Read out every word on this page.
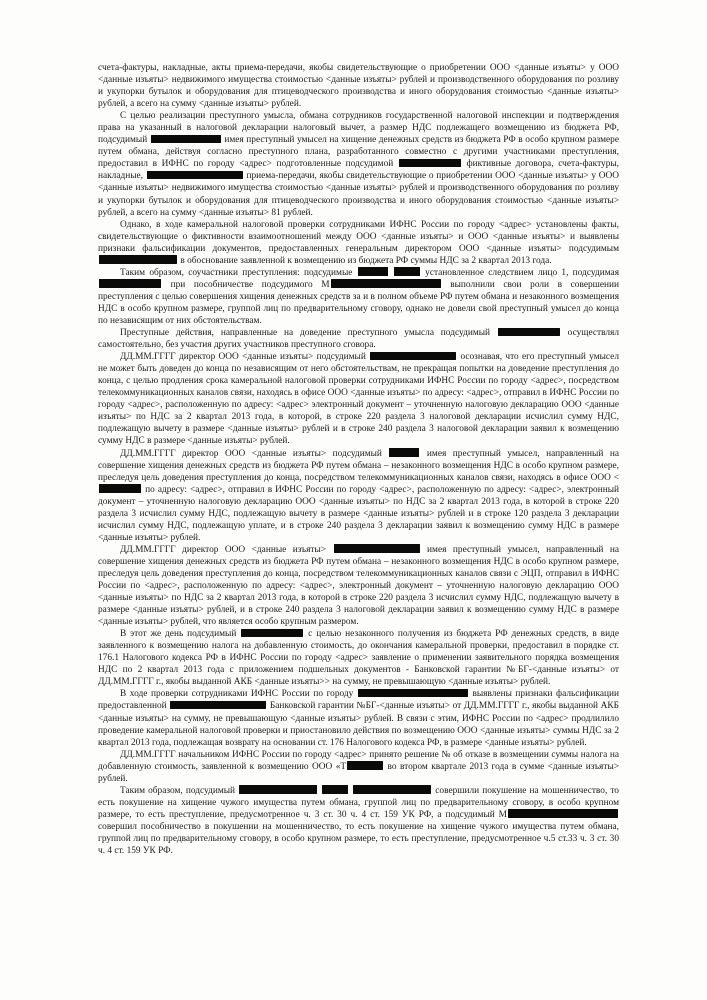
счета-фактуры, накладные, акты приема-передачи, якобы свидетельствующие о приобретении ООО <данные изъяты> у ООО <данные изъяты> недвижимого имущества стоимостью <данные изъяты> рублей и производственного оборудования по розливу и укупорки бутылок и оборудования для птицеводческого производства и иного оборудования стоимостью <данные изъяты> рублей, а всего на сумму <данные изъяты> рублей.

С целью реализации преступного умысла, обмана сотрудников государственной налоговой инспекции и подтверждения права на указанный в налоговой декларации налоговый вычет, а размер НДС подлежащего возмещению из бюджета РФ, подсудимый	имея преступный умысел на хищение денежных средств из бюджета РФ в особо крупном размере путем обмана, действуя согласно преступного плана, разработанного совместно с другими участниками преступления, предоставил в ИФНС по городу <адрес> подготовленные подсудимой	фиктивные договора, счета-фактуры, накладные,	приема-передачи, якобы свидетельствующие о приобретении ООО <данные изъяты> у ООО <данные изъяты> недвижимого имущества стоимостью <данные изъяты> рублей и производственного оборудования по розливу и укупорки бутылок и оборудования для птицеводческого производства и иного оборудования стоимостью <данные изъяты> рублей, а всего на сумму <данные изъяты> 81 рублей.

Однако, в ходе камеральной налоговой проверки сотрудниками ИФНС России по городу <адрес> установлены факты, свидетельствующие о фиктивности взаимоотношений между ООО <данные изъяты> и ООО <данные изъяты> и выявлены признаки фальсификации документов, предоставленных генеральным директором ООО <данные изъяты> подсудимым  в обоснование заявленной к возмещению из бюджета РФ суммы НДС за 2 квартал 2013 года.

Таким образом, соучастники преступления: подсудимые	установленное следствием лицо 1, подсудимая  при пособничестве подсудимого М	выполнили свои роли в совершении преступления с целью совершения хищения денежных средств за и в полном объеме РФ путем обмана и незаконного возмещения НДС в особо крупном размере, группой лиц по предварительному сговору, однако не довели свой преступный умысел до конца по независящим от них обстоятельствам.

Преступные действия, направленные на доведение преступного умысла подсудимый	осуществлял самостоятельно, без участия других участников преступного сговора.

ДД.ММ.ГГГГ директор ООО <данные изъяты> подсудимый	осознавая, что его преступный умысел не может быть доведен до конца по независящим от него обстоятельствам, не прекращая попытки на доведение преступления до конца, с целью продления срока камеральной налоговой проверки сотрудниками ИФНС России по городу <адрес>, посредством телекоммуникационных каналов связи, находясь в офисе ООО <данные изъяты> по адресу: <адрес>, отправил в ИФНС России по городу <адрес>, расположенную по адресу: <адрес> электронный документ – уточненную налоговую декларацию ООО <данные изъяты> по НДС за 2 квартал 2013 года, в которой, в строке 220 раздела 3 налоговой декларации исчислил сумму НДС, подлежащую вычету в размере <данные изъяты> рублей и в строке 240 раздела 3 налоговой декларации заявил к возмещению сумму НДС в размере <данные изъяты> рублей.

ДД.ММ.ГГГГ директор ООО <данные изъяты> подсудимый	имея преступный умысел, направленный на совершение хищения денежных средств из бюджета РФ путем обмана – незаконного возмещения НДС в особо крупном размере, преследуя цель доведения преступления до конца, посредством телекоммуникационных каналов связи, находясь в офисе ООО < по адресу: <адрес>, отправил в ИФНС России по городу <адрес>, расположенную по адресу: <адрес>, электронный документ – уточненную налоговую декларацию ООО <данные изъяты> по НДС за 2 квартал 2013 года, в которой в строке 220 раздела 3 исчислил сумму НДС, подлежащую вычету в размере <данные изъяты> рублей и в строке 120 раздела 3 декларации исчислил сумму НДС, подлежащую уплате, и в строке 240 раздела 3 декларации заявил к возмещению сумму НДС в размере <данные изъяты> рублей.

ДД.ММ.ГГГГ директор ООО <данные изъяты>	имея преступный умысел, направленный на совершение хищения денежных средств из бюджета РФ путем обмана – незаконного возмещения НДС в особо крупном размере, преследуя цель доведения преступления до конца, посредством телекоммуникационных каналов связи с ЭЦП, отправил в ИФНС России по <адрес>, расположенную по адресу: <адрес>, электронный документ – уточненную налоговую декларацию ООО <данные изъяты> по НДС за 2 квартал 2013 года, в которой в строке 220 раздела 3 исчислил сумму НДС, подлежащую вычету в размере <данные изъяты> рублей, и в строке 240 раздела 3 налоговой декларации заявил к возмещению сумму НДС в размере <данные изъяты> рублей, что является особо крупным размером.

В этот же день подсудимый	с целью незаконного получения из бюджета РФ денежных средств, в виде заявленного к возмещению налога на добавленную стоимость, до окончания камеральной проверки, предоставил в порядке ст. 176.1 Налогового кодекса РФ в ИФНС России по городу <адрес> заявление о применении заявительного порядка возмещения НДС по 2 квартал 2013 года с приложением подшельных документов - Банковской гарантии №БГ-<данные изъяты> от ДД.ММ.ГГГГ г., якобы выданной АКБ <данные изъяты>> на сумму, не превышающую <данные изъяты> рублей.

В ходе проверки сотрудниками ИФНС России по городу	выявлены признаки фальсификации предоставленной	Банковской гарантии №БГ-<данные изъяты> от ДД.ММ.ГГГГ г., якобы выданной АКБ <данные изъяты> на сумму, не превышающую <данные изъяты> рублей. В связи с этим, ИФНС России по <адрес> продлилило проведение камеральной налоговой проверки и приостановило действия по возмещению ООО <данные изъяты> суммы НДС за 2 квартал 2013 года, подлежащая возврату на основании ст. 176 Налогового кодекса РФ, в размере <данные изъяты> рублей.

ДД.ММ.ГГГГ начальником ИФНС России по городу <адрес> принято решение № об отказе в возмещении суммы налога на добавленную стоимость, заявленной к возмещению ООО «Т	во втором квартале 2013 года в сумме <данные изъяты> рублей.

Таким образом, подсудимый	совершили покушение на мошенничество, то есть покушение на хищение чужого имущества путем обмана, группой лиц по предварительному сговору, в особо крупном размере, то есть преступление, предусмотренное ч. 3 ст. 30 ч. 4 ст. 159 УК РФ, а подсудимый М совершил пособничество в покушении на мошенничество, то есть покушение на хищение чужого имущества путем обмана, группой лиц по предварительному сговору, в особо крупном размере, то есть преступление, предусмотренное ч.5 ст.33 ч. 3 ст. 30 ч. 4 ст. 159 УК РФ.
